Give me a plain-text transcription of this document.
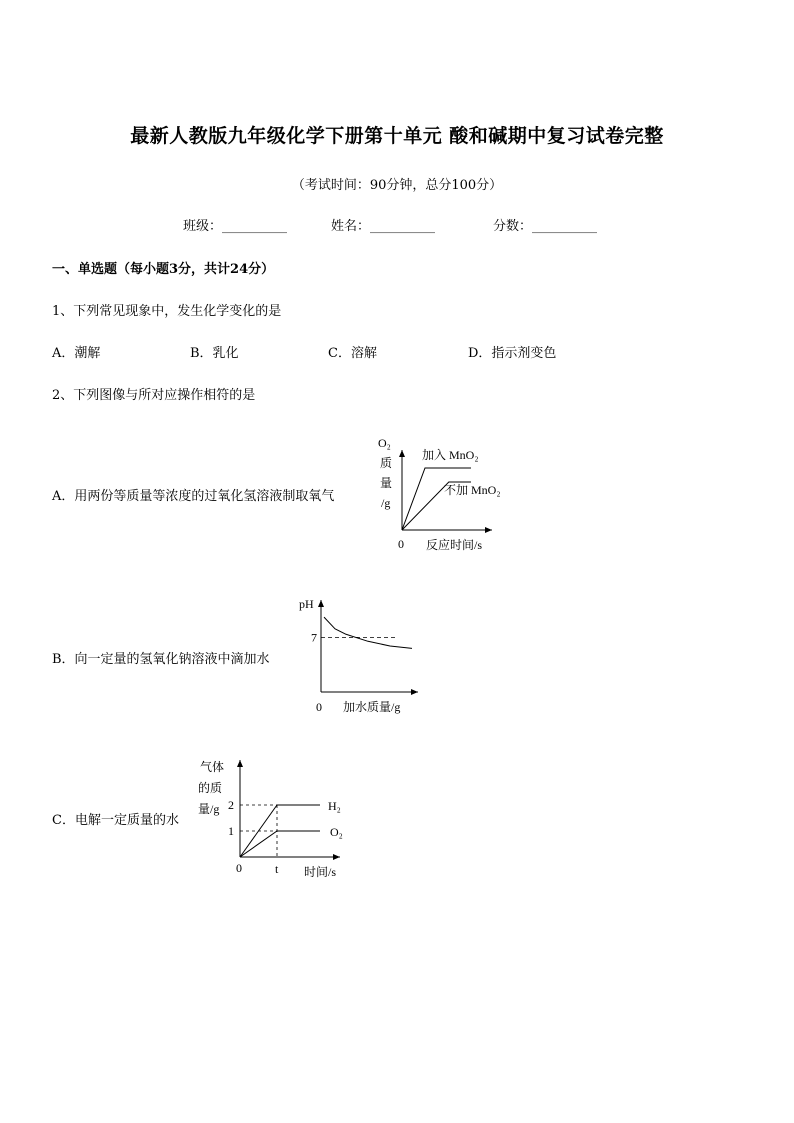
最新人教版九年级化学下册第十单元 酸和碱期中复习试卷完整
（考试时间：90分钟，总分100分）
班级：__________	姓名：__________	分数：__________
一、单选题（每小题3分，共计24分）
1、下列常见现象中，发生化学变化的是
A．潮解	B．乳化	C．溶解	D．指示剂变色
2、下列图像与所对应操作相符的是
A．用两份等质量等浓度的过氧化氢溶液制取氧气
加入 MnO₂
不加 MnO₂
O₂
质
量
/g
0 反应时间/s
B．向一定量的氢氧化钠溶液中滴加水
7
pH
0 加水质量/g
C．电解一定质量的水
H₂
O₂
2
1
t
0	时间/s
气体
的质
量/g
